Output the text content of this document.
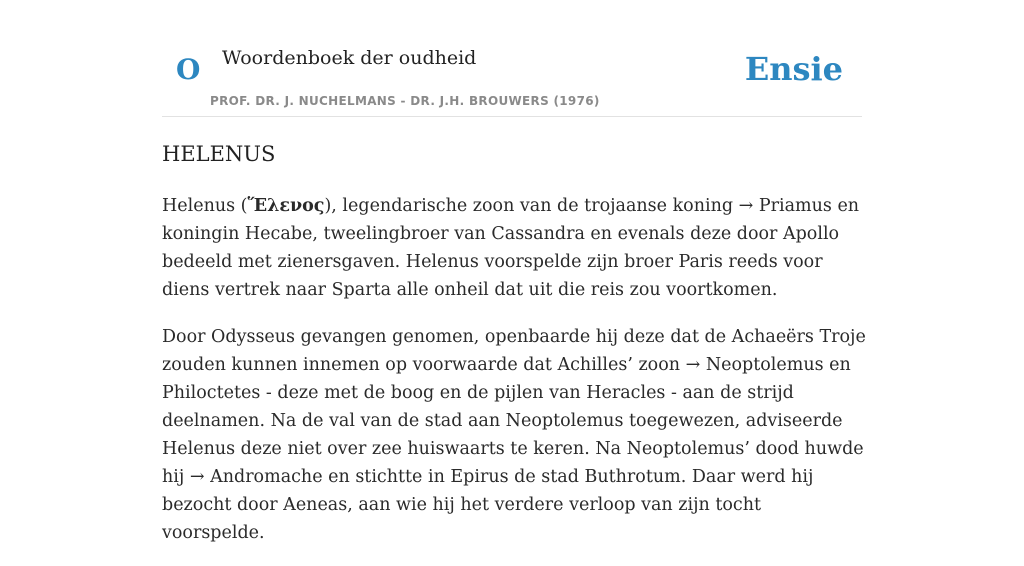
O Woordenboek der oudheid
PROF. DR. J. NUCHELMANS - DR. J.H. BROUWERS (1976)
Ensie
HELENUS

Helenus (Ἕλενος), legendarische zoon van de trojaanse koning → Priamus en koningin Hecabe, tweelingbroer van Cassandra en evenals deze door Apollo bedeeld met zienersgaven. Helenus voorspelde zijn broer Paris reeds voor diens vertrek naar Sparta alle onheil dat uit die reis zou voortkomen.

Door Odysseus gevangen genomen, openbaarde hij deze dat de Achaeërs Troje zouden kunnen innemen op voorwaarde dat Achilles’ zoon → Neoptolemus en Philoctetes - deze met de boog en de pijlen van Heracles - aan de strijd deelnamen. Na de val van de stad aan Neoptolemus toegewezen, adviseerde Helenus deze niet over zee huiswaarts te keren. Na Neoptolemus’ dood huwde hij → Andromache en stichtte in Epirus de stad Buthrotum. Daar werd hij bezocht door Aeneas, aan wie hij het verdere verloop van zijn tocht voorspelde.
